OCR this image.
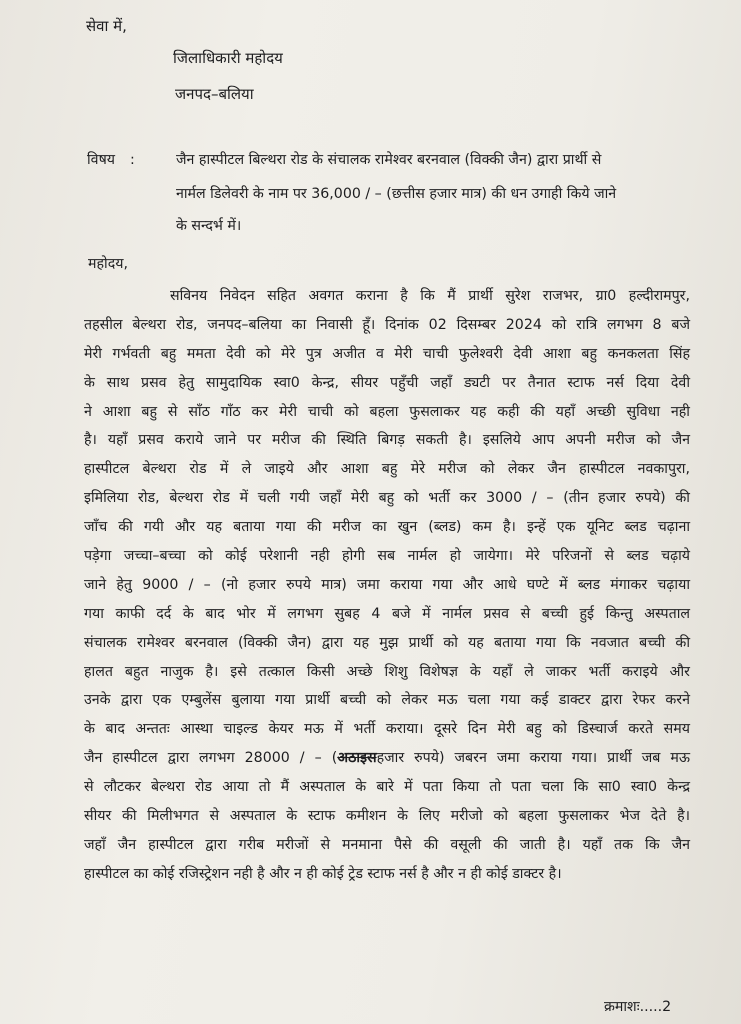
सेवा में,

जिलाधिकारी महोदय

जनपद–बलिया

विषय :	जैन हास्पीटल बिल्थरा रोड के संचालक रामेश्वर बरनवाल (विक्की जैन) द्वारा प्रार्थी से

नार्मल डिलेवरी के नाम पर 36,000 / – (छत्तीस हजार मात्र) की धन उगाही किये जाने

के सन्दर्भ में।

महोदय,

सविनय निवेदन सहित अवगत कराना है कि मैं प्रार्थी सुरेश राजभर, ग्रा0 हल्दीरामपुर,
तहसील बेल्थरा रोड, जनपद–बलिया का निवासी हूँ। दिनांक 02 दिसम्बर 2024 को रात्रि लगभग 8 बजे
मेरी गर्भवती बहु ममता देवी को मेरे पुत्र अजीत व मेरी चाची फुलेश्वरी देवी आशा बहु कनकलता सिंह
के साथ प्रसव हेतु सामुदायिक स्वा0 केन्द्र, सीयर पहुँची जहाँ ड्यटी पर तैनात स्टाफ नर्स दिया देवी
ने आशा बहु से साँठ गाँठ कर मेरी चाची को बहला फुसलाकर यह कही की यहाँ अच्छी सुविधा नही
है। यहाँ प्रसव कराये जाने पर मरीज की स्थिति बिगड़ सकती है। इसलिये आप अपनी मरीज को जैन
हास्पीटल बेल्थरा रोड में ले जाइये और आशा बहु मेरे मरीज को लेकर जैन हास्पीटल नवकापुरा,
इमिलिया रोड, बेल्थरा रोड में चली गयी जहाँ मेरी बहु को भर्ती कर 3000 / – (तीन हजार रुपये) की
जाँच की गयी और यह बताया गया की मरीज का खुन (ब्लड) कम है। इन्हें एक यूनिट ब्लड चढ़ाना
पड़ेगा जच्चा–बच्चा को कोई परेशानी नही होगी सब नार्मल हो जायेगा। मेरे परिजनों से ब्लड चढ़ाये
जाने हेतु 9000 / – (नो हजार रुपये मात्र) जमा कराया गया और आधे घण्टे में ब्लड मंगाकर चढ़ाया
गया काफी दर्द के बाद भोर में लगभग सुबह 4 बजे में नार्मल प्रसव से बच्ची हुई किन्तु अस्पताल
संचालक रामेश्वर बरनवाल (विक्की जैन) द्वारा यह मुझ प्रार्थी को यह बताया गया कि नवजात बच्ची की
हालत बहुत नाजुक है। इसे तत्काल किसी अच्छे शिशु विशेषज्ञ के यहाँ ले जाकर भर्ती कराइये और
उनके द्वारा एक एम्बुलेंस बुलाया गया प्रार्थी बच्ची को लेकर मऊ चला गया कई डाक्टर द्वारा रेफर करने
के बाद अन्ततः आस्था चाइल्ड केयर मऊ में भर्ती कराया। दूसरे दिन मेरी बहु को डिस्चार्ज करते समय
जैन हास्पीटल द्वारा लगभग 28000 / – (अठाइसहजार रुपये) जबरन जमा कराया गया। प्रार्थी जब मऊ
से लौटकर बेल्थरा रोड आया तो मैं अस्पताल के बारे में पता किया तो पता चला कि सा0 स्वा0 केन्द्र
सीयर की मिलीभगत से अस्पताल के स्टाफ कमीशन के लिए मरीजो को बहला फुसलाकर भेज देते है।
जहाँ जैन हास्पीटल द्वारा गरीब मरीजों से मनमाना पैसे की वसूली की जाती है। यहाँ तक कि जैन
हास्पीटल का कोई रजिस्ट्रेशन नही है और न ही कोई ट्रेड स्टाफ नर्स है और न ही कोई डाक्टर है।

क्रमाशः.....2
